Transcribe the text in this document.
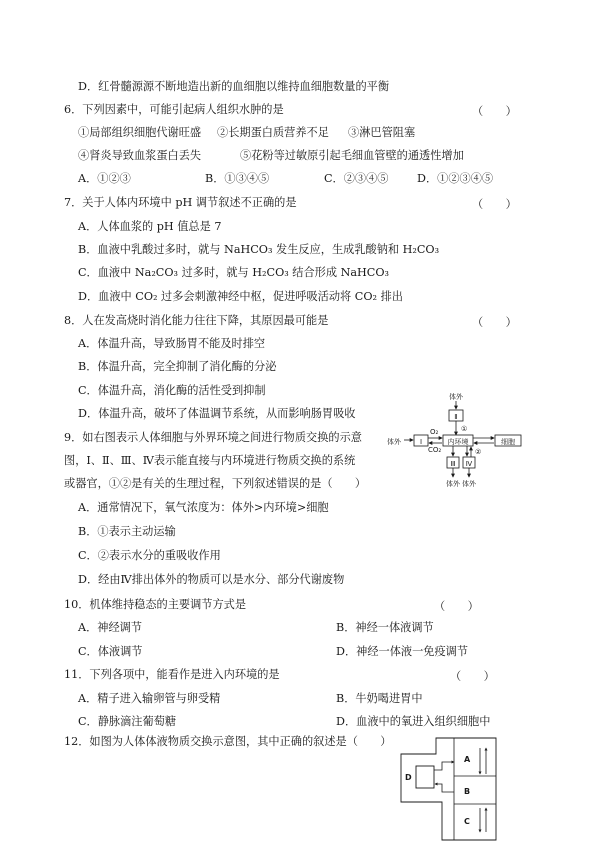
D．红骨髓源源不断地造出新的血细胞以维持血细胞数量的平衡
6．下列因素中，可能引起病人组织水肿的是	（　　）
①局部组织细胞代谢旺盛 ②长期蛋白质营养不足 ③淋巴管阻塞
④肾炎导致血浆蛋白丢失	⑤花粉等过敏原引起毛细血管壁的通透性增加
A．①②③	B．①③④⑤	C．②③④⑤	D．①②③④⑤
7．关于人体内环境中 pH 调节叙述不正确的是	（　　）
A．人体血浆的 pH 值总是 7
B．血液中乳酸过多时，就与 NaHCO₃ 发生反应，生成乳酸钠和 H₂CO₃
C．血液中 Na₂CO₃ 过多时，就与 H₂CO₃ 结合形成 NaHCO₃
D．血液中 CO₂ 过多会刺激神经中枢，促进呼吸活动将 CO₂ 排出
8．人在发高烧时消化能力往往下降，其原因最可能是	（　　）
A．体温升高，导致肠胃不能及时排空
B．体温升高，完全抑制了消化酶的分泌
C．体温升高，消化酶的活性受到抑制
D．体温升高，破坏了体温调节系统，从而影响肠胃吸收
9．如右图表示人体细胞与外界环境之间进行物质交换的示意
图，Ⅰ、Ⅱ、Ⅲ、Ⅳ表示能直接与内环境进行物质交换的系统
或器官，①②是有关的生理过程，下列叙述错误的是（　　）
A．通常情况下，氧气浓度为：体外>内环境>细胞
B．①表示主动运输
C．②表示水分的重吸收作用
D．经由Ⅳ排出体外的物质可以是水分、部分代谢废物
体外
Ⅱ
①
体外	Ⅰ
O₂
CO₂
内环境	细胞
②
Ⅲ Ⅳ
体外 体外
10．机体维持稳态的主要调节方式是	（　　）
A．神经调节	B．神经一体液调节
C．体液调节	D．神经一体液一免疫调节
11．下列各项中，能看作是进入内环境的是	（　　）
A．精子进入输卵管与卵受精	B．牛奶喝进胃中
C．静脉滴注葡萄糖	D．血液中的氧进入组织细胞中
12．如图为人体体液物质交换示意图，其中正确的叙述是（　　）
A
B
C
D
